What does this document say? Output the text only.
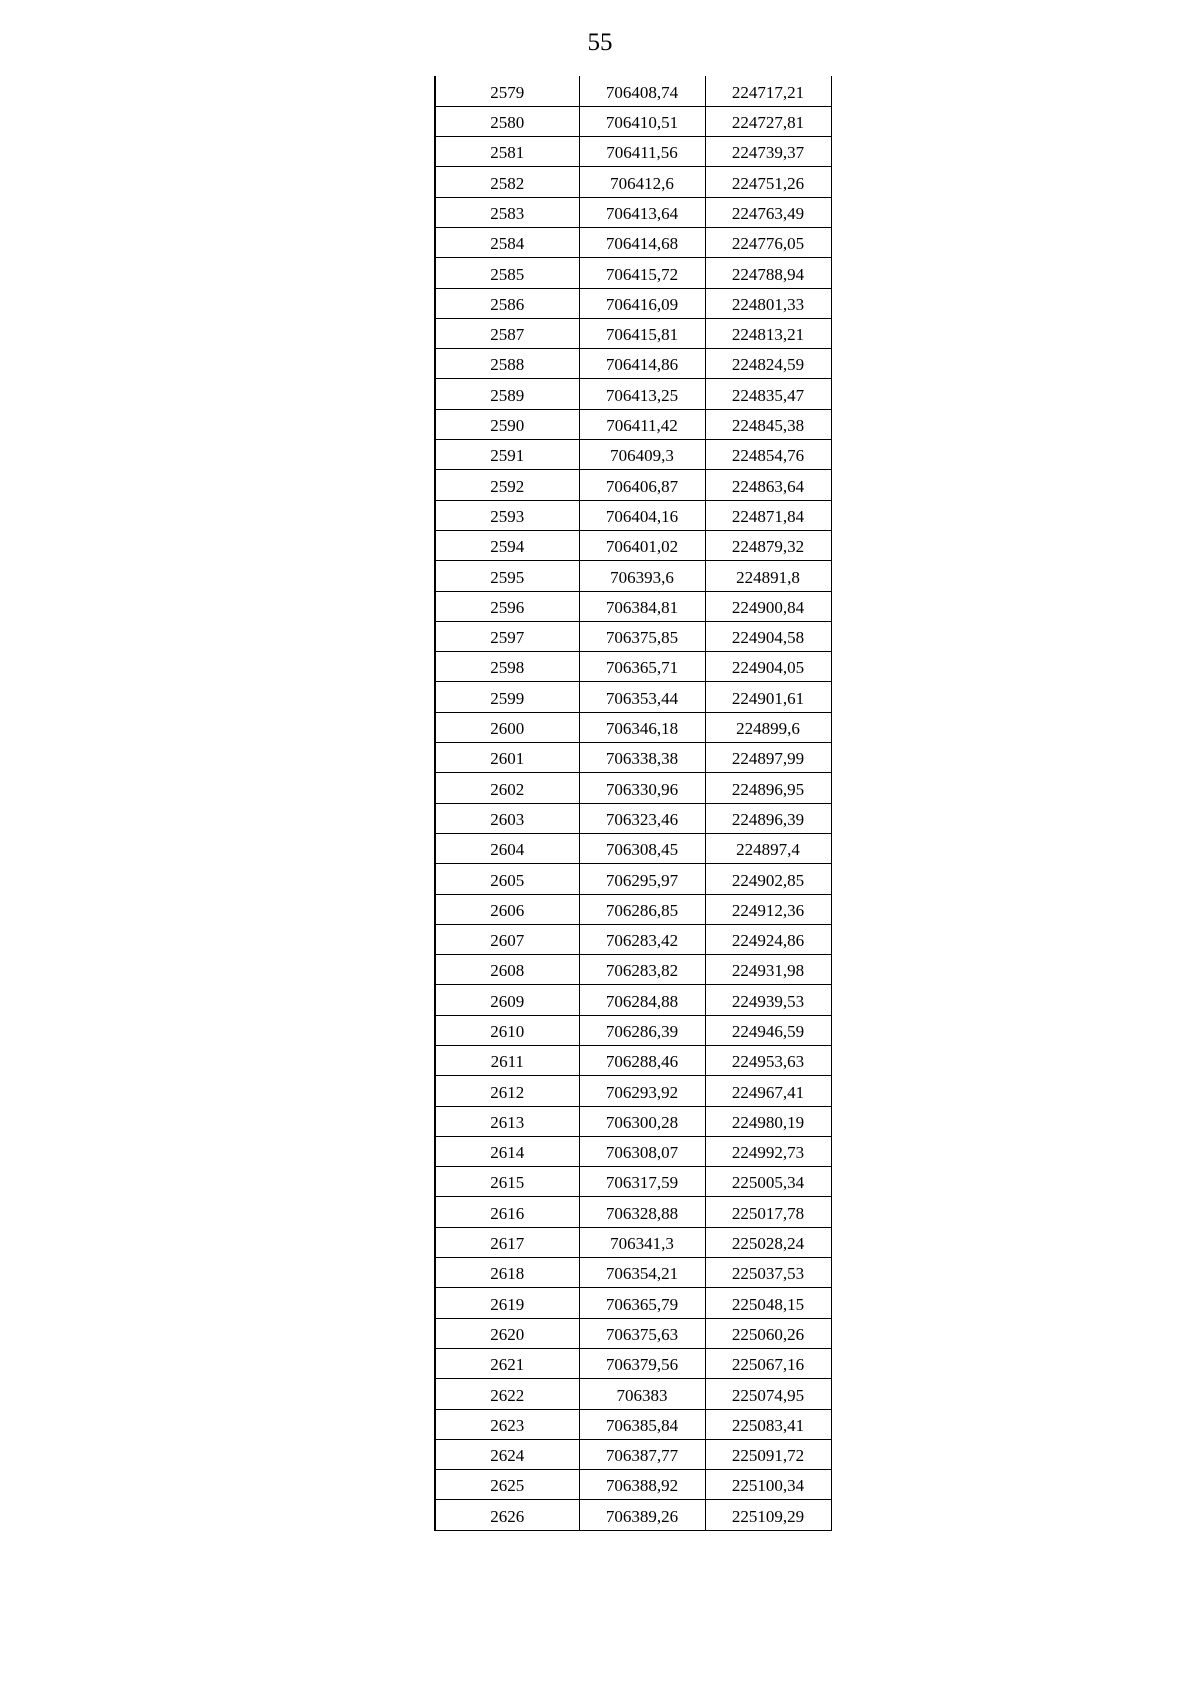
55
2579	706408,74	224717,21
2580	706410,51	224727,81
2581	706411,56	224739,37
2582	706412,6	224751,26
2583	706413,64	224763,49
2584	706414,68	224776,05
2585	706415,72	224788,94
2586	706416,09	224801,33
2587	706415,81	224813,21
2588	706414,86	224824,59
2589	706413,25	224835,47
2590	706411,42	224845,38
2591	706409,3	224854,76
2592	706406,87	224863,64
2593	706404,16	224871,84
2594	706401,02	224879,32
2595	706393,6	224891,8
2596	706384,81	224900,84
2597	706375,85	224904,58
2598	706365,71	224904,05
2599	706353,44	224901,61
2600	706346,18	224899,6
2601	706338,38	224897,99
2602	706330,96	224896,95
2603	706323,46	224896,39
2604	706308,45	224897,4
2605	706295,97	224902,85
2606	706286,85	224912,36
2607	706283,42	224924,86
2608	706283,82	224931,98
2609	706284,88	224939,53
2610	706286,39	224946,59
2611	706288,46	224953,63
2612	706293,92	224967,41
2613	706300,28	224980,19
2614	706308,07	224992,73
2615	706317,59	225005,34
2616	706328,88	225017,78
2617	706341,3	225028,24
2618	706354,21	225037,53
2619	706365,79	225048,15
2620	706375,63	225060,26
2621	706379,56	225067,16
2622	706383	225074,95
2623	706385,84	225083,41
2624	706387,77	225091,72
2625	706388,92	225100,34
2626	706389,26	225109,29
